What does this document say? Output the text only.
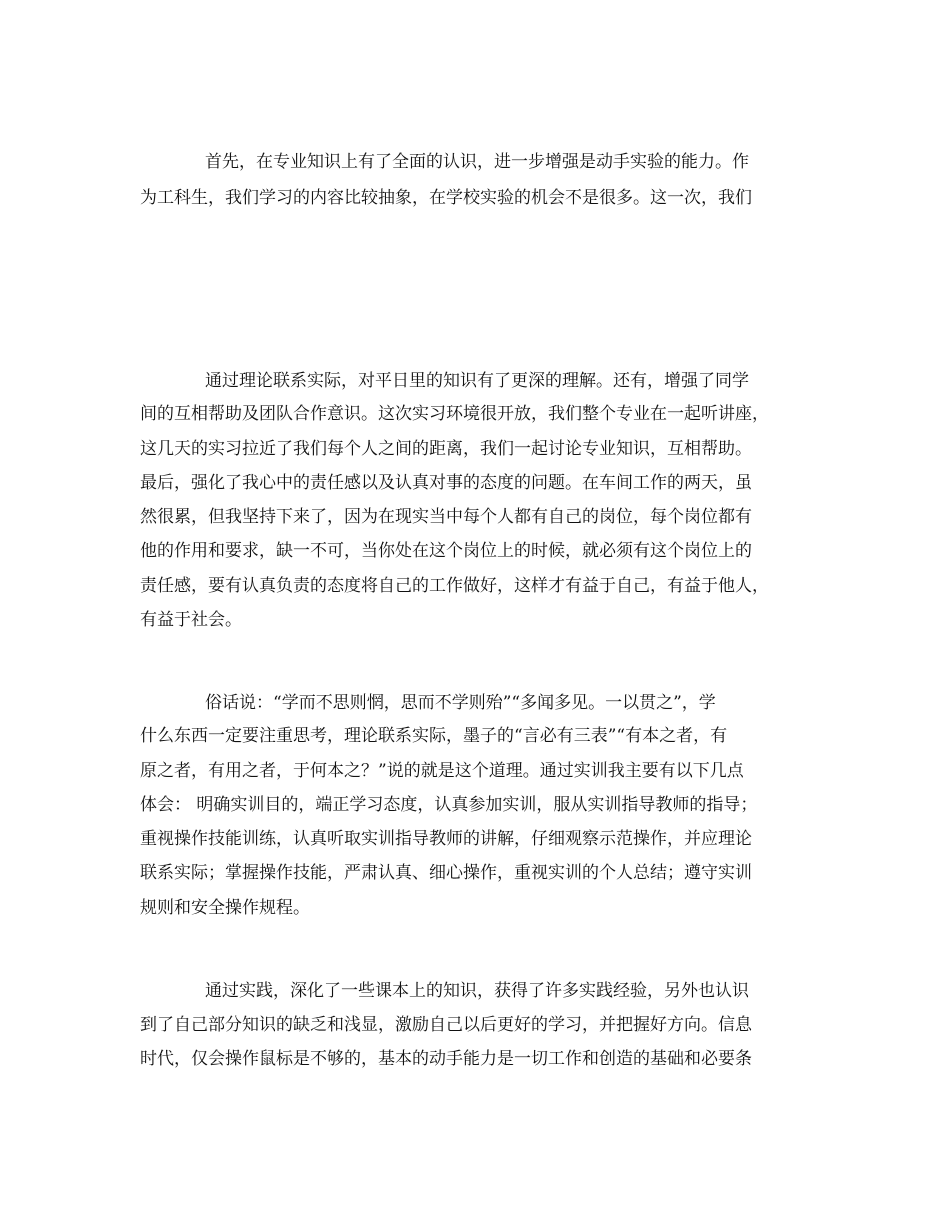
首先，在专业知识上有了全面的认识，进一步增强是动手实验的能力。作
为工科生，我们学习的内容比较抽象，在学校实验的机会不是很多。这一次，我们
通过理论联系实际，对平日里的知识有了更深的理解。还有，增强了同学
间的互相帮助及团队合作意识。这次实习环境很开放，我们整个专业在一起听讲座，
这几天的实习拉近了我们每个人之间的距离，我们一起讨论专业知识，互相帮助。
最后，强化了我心中的责任感以及认真对事的态度的问题。在车间工作的两天，虽
然很累，但我坚持下来了，因为在现实当中每个人都有自己的岗位，每个岗位都有
他的作用和要求，缺一不可，当你处在这个岗位上的时候，就必须有这个岗位上的
责任感，要有认真负责的态度将自己的工作做好，这样才有益于自己，有益于他人，
有益于社会。
俗话说：“学而不思则惘，思而不学则殆”“多闻多见。一以贯之”，学
什么东西一定要注重思考，理论联系实际，墨子的“言必有三表”“有本之者，有
原之者，有用之者，于何本之？”说的就是这个道理。通过实训我主要有以下几点
体会： 明确实训目的，端正学习态度，认真参加实训，服从实训指导教师的指导；
重视操作技能训练，认真听取实训指导教师的讲解，仔细观察示范操作，并应理论
联系实际；掌握操作技能，严肃认真、细心操作，重视实训的个人总结；遵守实训
规则和安全操作规程。
通过实践，深化了一些课本上的知识，获得了许多实践经验，另外也认识
到了自己部分知识的缺乏和浅显，激励自己以后更好的学习，并把握好方向。信息
时代，仅会操作鼠标是不够的，基本的动手能力是一切工作和创造的基础和必要条
